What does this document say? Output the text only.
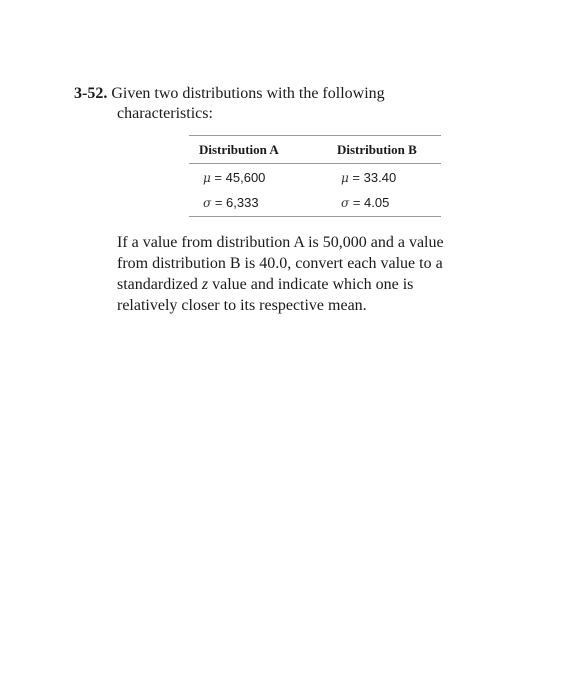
3-52. Given two distributions with the following
characteristics:
Distribution A	Distribution B
μ = 45,600	μ = 33.40
σ = 6,333	σ = 4.05
If a value from distribution A is 50,000 and a value
from distribution B is 40.0, convert each value to a
standardized z value and indicate which one is
relatively closer to its respective mean.
